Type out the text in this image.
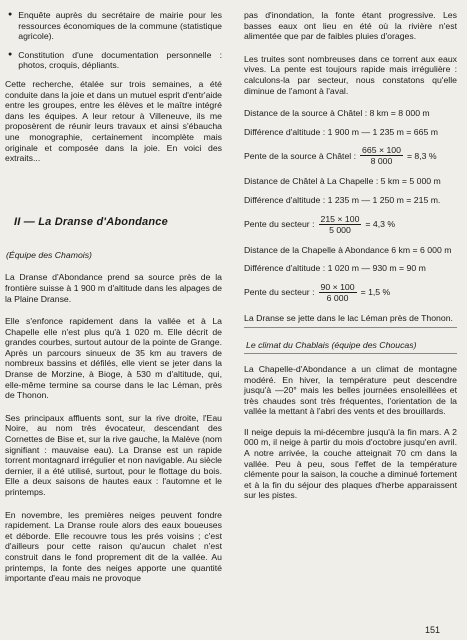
● Enquête auprès du secrétaire de mairie pour les ressources économiques de la commune (statistique agricole).

● Constitution d'une documentation personnelle : photos, croquis, dépliants.

Cette recherche, étalée sur trois semaines, a été conduite dans la joie et dans un mutuel esprit d'entr'aide entre les groupes, entre les élèves et le maître intégré dans les équipes. A leur retour à Villeneuve, ils me proposèrent de réunir leurs travaux et ainsi s'ébaucha une monographie, certainement incomplète mais originale et composée dans la joie. En voici des extraits...

II — La Dranse d'Abondance

(Équipe des Chamois)

La Dranse d'Abondance prend sa source près de la frontière suisse à 1 900 m d'altitude dans les alpages de la Plaine Dranse.

Elle s'enfonce rapidement dans la vallée et à La Chapelle elle n'est plus qu'à 1 020 m. Elle décrit de grandes courbes, surtout autour de la pointe de Grange. Après un parcours sinueux de 35 km au travers de nombreux bassins et défilés, elle vient se jeter dans la Dranse de Morzine, à Bioge, à 530 m d'altitude, qui, elle-même termine sa course dans le lac Léman, près de Thonon.

Ses principaux affluents sont, sur la rive droite, l'Eau Noire, au nom très évocateur, descendant des Cornettes de Bise et, sur la rive gauche, la Malève (nom signifiant : mauvaise eau). La Dranse est un rapide torrent montagnard irrégulier et non navigable. Au siècle dernier, il a été utilisé, surtout, pour le flottage du bois. Elle a deux saisons de hautes eaux : l'automne et le printemps.

En novembre, les premières neiges peuvent fondre rapidement. La Dranse roule alors des eaux boueuses et déborde. Elle recouvre tous les prés voisins ; c'est d'ailleurs pour cette raison qu'aucun chalet n'est construit dans le fond proprement dit de la vallée. Au printemps, la fonte des neiges apporte une quantité importante d'eau mais ne provoque

pas d'inondation, la fonte étant progressive. Les basses eaux ont lieu en été où la rivière n'est alimentée que par de faibles pluies d'orages.

Les truites sont nombreuses dans ce torrent aux eaux vives. La pente est toujours rapide mais irrégulière : calculons-la par secteur, nous constatons qu'elle diminue de l'amont à l'aval.

Distance de la source à Châtel : 8 km = 8 000 m

Différence d'altitude : 1 900 m — 1 235 m = 665 m

Pente de la source à Châtel : $\frac{665 \times 100}{8 000} = 8,3$ %

Distance de Châtel à La Chapelle : 5 km = 5 000 m

Différence d'altitude : 1 235 m — 1 250 m = 215 m.

Pente du secteur : $\frac{215 \times 100}{5 000} = 4,3$ %

Distance de la Chapelle à Abondance 6 km = 6 000 m

Différence d'altitude : 1 020 m — 930 m = 90 m

Pente du secteur : $\frac{90 \times 100}{6 000} = 1,5$ %

La Dranse se jette dans le lac Léman près de Thonon.

Le climat du Chablais (équipe des Choucas)

La Chapelle-d'Abondance a un climat de montagne modéré. En hiver, la température peut descendre jusqu'à —20° mais les belles journées ensoleillées et très chaudes sont très fréquentes, l'orientation de la vallée la mettant à l'abri des vents et des brouillards.

Il neige depuis la mi-décembre jusqu'à la fin mars. A 2 000 m, il neige à partir du mois d'octobre jusqu'en avril. A notre arrivée, la couche atteignait 70 cm dans la vallée. Peu à peu, sous l'effet de la température clémente pour la saison, la couche a diminué fortement et à la fin du séjour des plaques d'herbe apparaissent sur les pistes.

151
